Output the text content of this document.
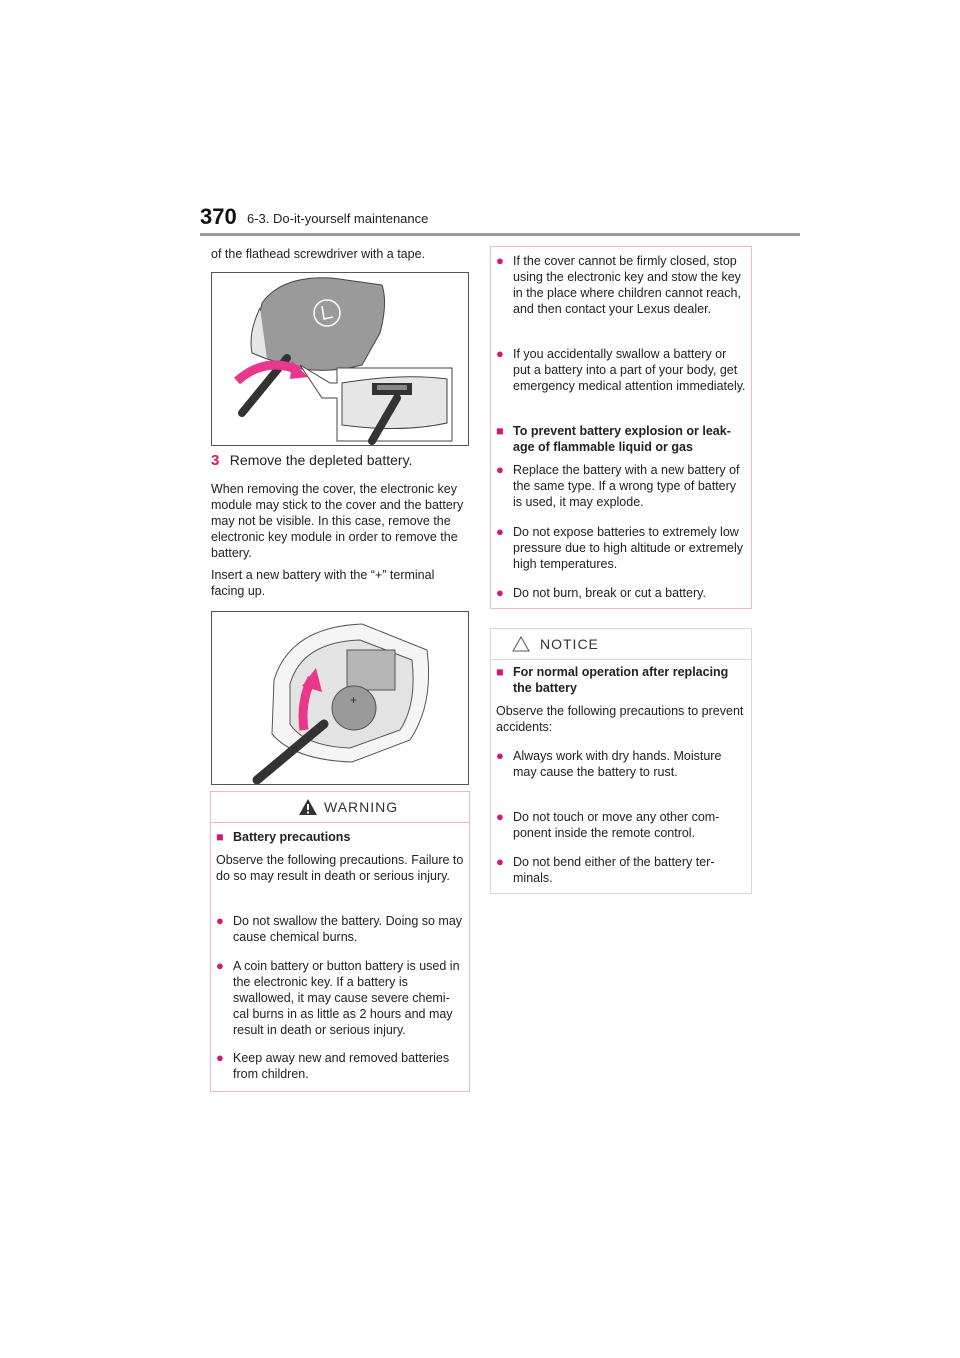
370 6-3. Do-it-yourself maintenance
of the flathead screwdriver with a tape.
3 Remove the depleted battery.
When removing the cover, the electronic key module may stick to the cover and the battery may not be visible. In this case, remove the electronic key module in order to remove the battery.
Insert a new battery with the “+” terminal facing up.
+
WARNING
■ Battery precautions
Observe the following precautions. Failure to do so may result in death or serious injury.
● Do not swallow the battery. Doing so may cause chemical burns.
● A coin battery or button battery is used in the electronic key. If a battery is swallowed, it may cause severe chemi-cal burns in as little as 2 hours and may result in death or serious injury.
● Keep away new and removed batteries from children.
● If the cover cannot be firmly closed, stop using the electronic key and stow the key in the place where children cannot reach, and then contact your Lexus dealer.
● If you accidentally swallow a battery or put a battery into a part of your body, get emergency medical attention immediately.
■ To prevent battery explosion or leak-age of flammable liquid or gas
● Replace the battery with a new battery of the same type. If a wrong type of battery is used, it may explode.
● Do not expose batteries to extremely low pressure due to high altitude or extremely high temperatures.
● Do not burn, break or cut a battery.
NOTICE
■ For normal operation after replacing the battery
Observe the following precautions to prevent accidents:
● Always work with dry hands. Moisture may cause the battery to rust.
● Do not touch or move any other com-ponent inside the remote control.
● Do not bend either of the battery ter-minals.
